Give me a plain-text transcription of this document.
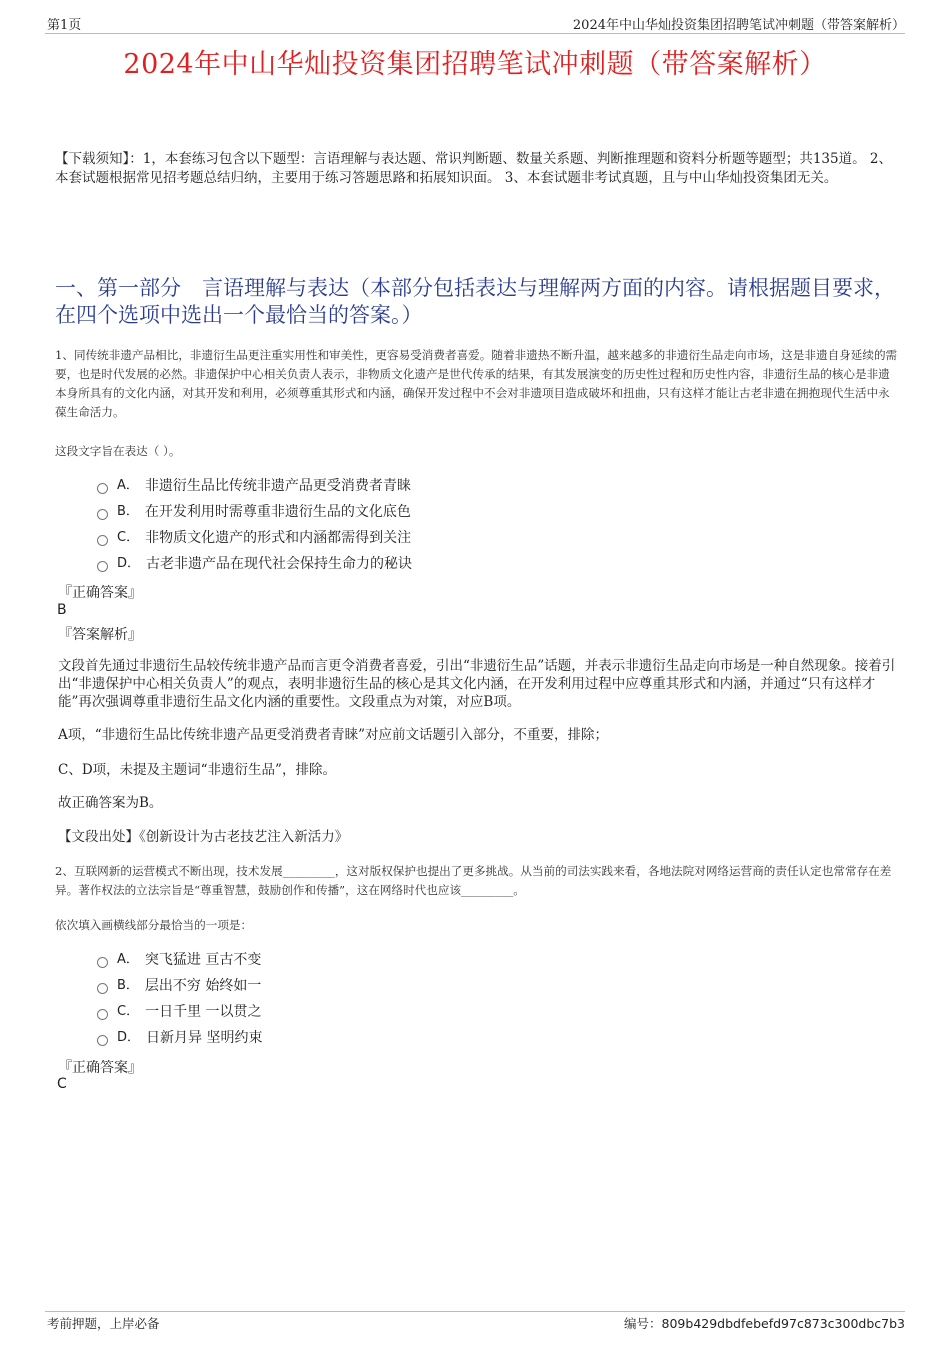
第1页	2024年中山华灿投资集团招聘笔试冲刺题（带答案解析）
2024年中山华灿投资集团招聘笔试冲刺题（带答案解析）
【下载须知】：1，本套练习包含以下题型：言语理解与表达题、常识判断题、数量关系题、判断推理题和资料分析题等题型；共135道。 2、本套试题根据常见招考题总结归纳，主要用于练习答题思路和拓展知识面。 3、本套试题非考试真题，且与中山华灿投资集团无关。
一、第一部分　言语理解与表达（本部分包括表达与理解两方面的内容。请根据题目要求，在四个选项中选出一个最恰当的答案。）
1、同传统非遗产品相比，非遗衍生品更注重实用性和审美性，更容易受消费者喜爱。随着非遗热不断升温，越来越多的非遗衍生品走向市场，这是非遗自身延续的需要，也是时代发展的必然。非遗保护中心相关负责人表示，非物质文化遗产是世代传承的结果，有其发展演变的历史性过程和历史性内容，非遗衍生品的核心是非遗本身所具有的文化内涵，对其开发和利用，必须尊重其形式和内涵，确保开发过程中不会对非遗项目造成破坏和扭曲，只有这样才能让古老非遗在拥抱现代生活中永葆生命活力。
这段文字旨在表达（ ）。
A． 非遗衍生品比传统非遗产品更受消费者青睐
B． 在开发利用时需尊重非遗衍生品的文化底色
C． 非物质文化遗产的形式和内涵都需得到关注
D． 古老非遗产品在现代社会保持生命力的秘诀
『正确答案』
B
『答案解析』
文段首先通过非遗衍生品较传统非遗产品而言更令消费者喜爱，引出“非遗衍生品”话题，并表示非遗衍生品走向市场是一种自然现象。接着引出“非遗保护中心相关负责人”的观点，表明非遗衍生品的核心是其文化内涵，在开发利用过程中应尊重其形式和内涵，并通过“只有这样才能”再次强调尊重非遗衍生品文化内涵的重要性。文段重点为对策，对应B项。
A项，“非遗衍生品比传统非遗产品更受消费者青睐”对应前文话题引入部分，不重要，排除；
C、D项，未提及主题词“非遗衍生品”，排除。
故正确答案为B。
【文段出处】《创新设计为古老技艺注入新活力》
2、互联网新的运营模式不断出现，技术发展_________，这对版权保护也提出了更多挑战。从当前的司法实践来看，各地法院对网络运营商的责任认定也常常存在差异。著作权法的立法宗旨是“尊重智慧，鼓励创作和传播”，这在网络时代也应该_________。
依次填入画横线部分最恰当的一项是：
A． 突飞猛进 亘古不变
B． 层出不穷 始终如一
C． 一日千里 一以贯之
D． 日新月异 坚明约束
『正确答案』
C
考前押题，上岸必备	编号：809b429dbdfebefd97c873c300dbc7b3
